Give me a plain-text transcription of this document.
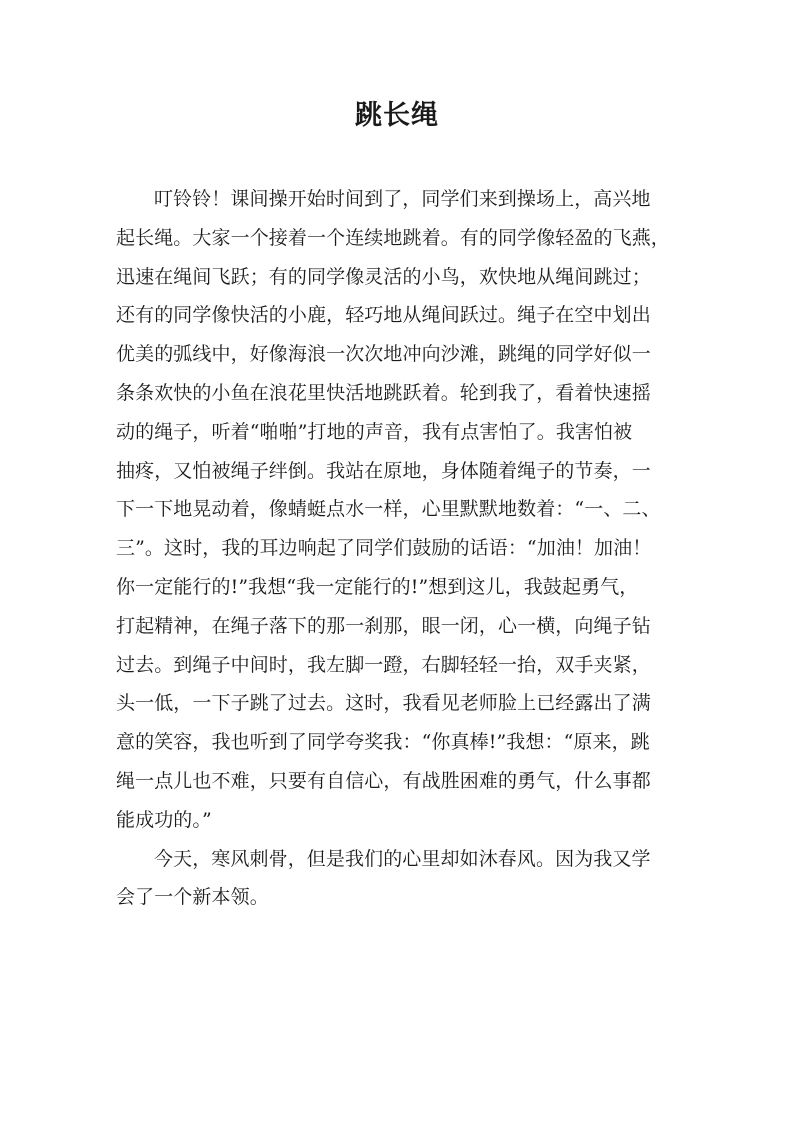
跳长绳
叮铃铃！课间操开始时间到了，同学们来到操场上，高兴地
起长绳。大家一个接着一个连续地跳着。有的同学像轻盈的飞燕，
迅速在绳间飞跃；有的同学像灵活的小鸟，欢快地从绳间跳过；
还有的同学像快活的小鹿，轻巧地从绳间跃过。绳子在空中划出
优美的弧线中，好像海浪一次次地冲向沙滩，跳绳的同学好似一
条条欢快的小鱼在浪花里快活地跳跃着。轮到我了，看着快速摇
动的绳子，听着“啪啪”打地的声音，我有点害怕了。我害怕被
抽疼，又怕被绳子绊倒。我站在原地，身体随着绳子的节奏，一
下一下地晃动着，像蜻蜓点水一样，心里默默地数着：“一、二、
三”。这时，我的耳边响起了同学们鼓励的话语：“加油！加油！
你一定能行的!”我想“我一定能行的!”想到这儿，我鼓起勇气，
打起精神，在绳子落下的那一刹那，眼一闭，心一横，向绳子钻
过去。到绳子中间时，我左脚一蹬，右脚轻轻一抬，双手夹紧，
头一低，一下子跳了过去。这时，我看见老师脸上已经露出了满
意的笑容，我也听到了同学夸奖我：“你真棒!”我想：“原来，跳
绳一点儿也不难，只要有自信心，有战胜困难的勇气，什么事都
能成功的。”
今天，寒风刺骨，但是我们的心里却如沐春风。因为我又学
会了一个新本领。
